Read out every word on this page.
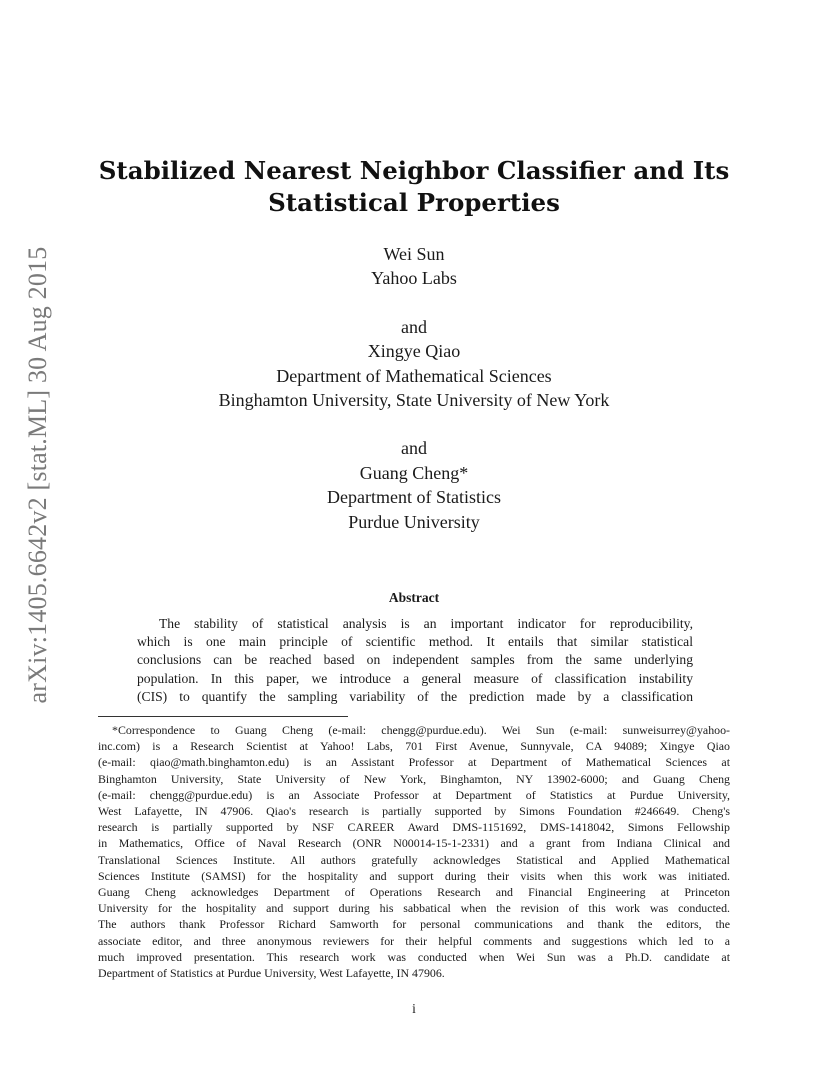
arXiv:1405.6642v2 [stat.ML] 30 Aug 2015
Stabilized Nearest Neighbor Classifier and Its
Statistical Properties
Wei Sun
Yahoo Labs
and
Xingye Qiao
Department of Mathematical Sciences
Binghamton University, State University of New York
and
Guang Cheng*
Department of Statistics
Purdue University
Abstract
The stability of statistical analysis is an important indicator for reproducibility,
which is one main principle of scientific method. It entails that similar statistical
conclusions can be reached based on independent samples from the same underlying
population. In this paper, we introduce a general measure of classification instability
(CIS) to quantify the sampling variability of the prediction made by a classification
*Correspondence to Guang Cheng (e-mail: chengg@purdue.edu). Wei Sun (e-mail: sunweisurrey@yahoo-
inc.com) is a Research Scientist at Yahoo! Labs, 701 First Avenue, Sunnyvale, CA 94089; Xingye Qiao
(e-mail: qiao@math.binghamton.edu) is an Assistant Professor at Department of Mathematical Sciences at
Binghamton University, State University of New York, Binghamton, NY 13902-6000; and Guang Cheng
(e-mail: chengg@purdue.edu) is an Associate Professor at Department of Statistics at Purdue University,
West Lafayette, IN 47906. Qiao's research is partially supported by Simons Foundation #246649. Cheng's
research is partially supported by NSF CAREER Award DMS-1151692, DMS-1418042, Simons Fellowship
in Mathematics, Office of Naval Research (ONR N00014-15-1-2331) and a grant from Indiana Clinical and
Translational Sciences Institute. All authors gratefully acknowledges Statistical and Applied Mathematical
Sciences Institute (SAMSI) for the hospitality and support during their visits when this work was initiated.
Guang Cheng acknowledges Department of Operations Research and Financial Engineering at Princeton
University for the hospitality and support during his sabbatical when the revision of this work was conducted.
The authors thank Professor Richard Samworth for personal communications and thank the editors, the
associate editor, and three anonymous reviewers for their helpful comments and suggestions which led to a
much improved presentation. This research work was conducted when Wei Sun was a Ph.D. candidate at
Department of Statistics at Purdue University, West Lafayette, IN 47906.
i
